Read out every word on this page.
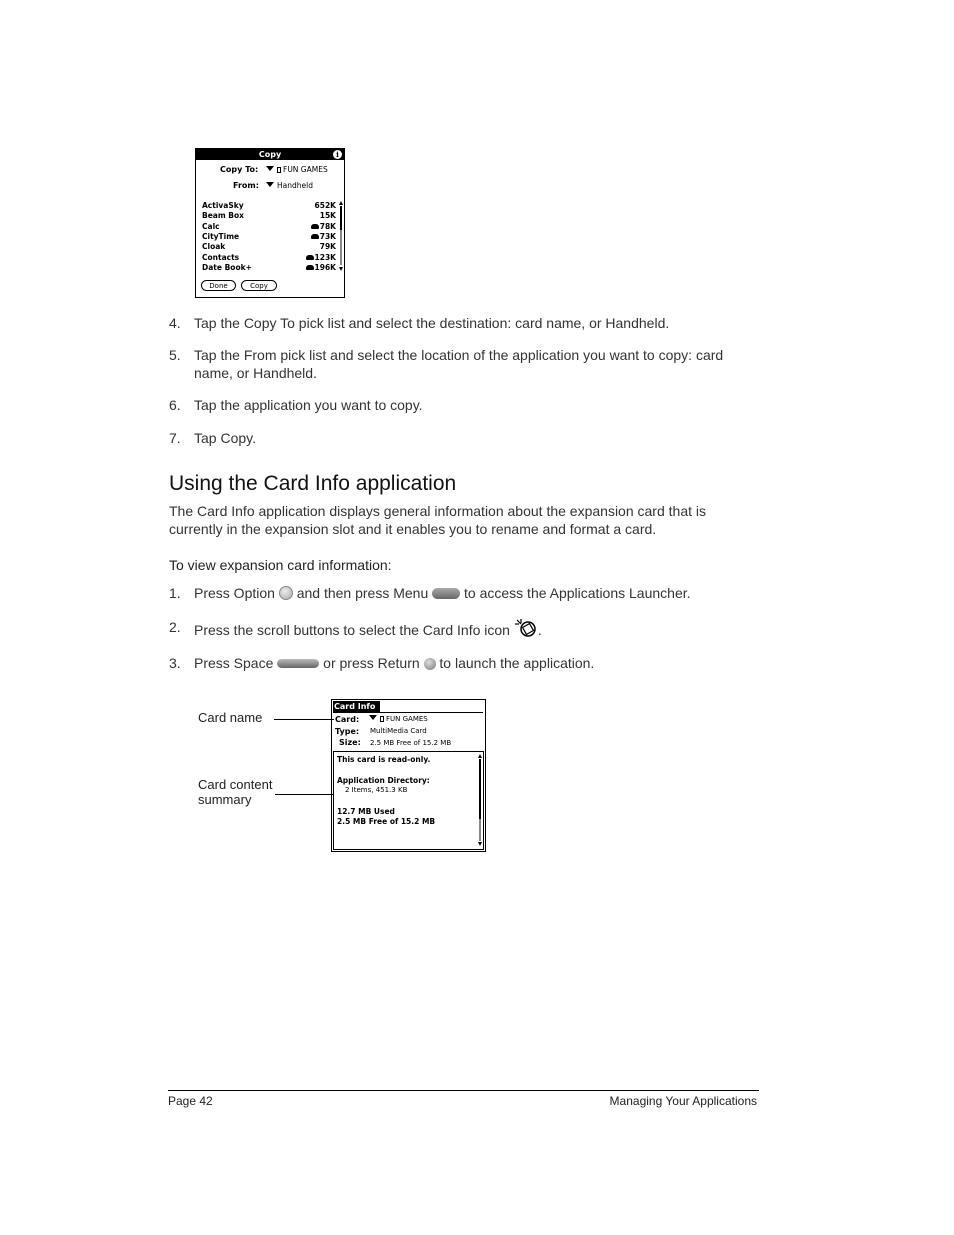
Copy	i
Copy To:	FUN GAMES
From:	Handheld
ActivaSky	652K
Beam Box	15K
Calc	78K
CityTime	73K
Cloak	79K
Contacts	123K
Date Book+	196K
Done	Copy
4. Tap the Copy To pick list and select the destination: card name, or Handheld.
5. Tap the From pick list and select the location of the application you want to copy: card name, or Handheld.
6. Tap the application you want to copy.
7. Tap Copy.
Using the Card Info application

The Card Info application displays general information about the expansion card that is currently in the expansion slot and it enables you to rename and format a card.

To view expansion card information:
1. Press Option and then press Menu	to access the Applications Launcher.
2. Press the scroll buttons to select the Card Info icon .
3. Press Space	or press Return to launch the application.
Card Info
Card:	FUN GAMES
Type: MultiMedia Card
Size: 2.5 MB Free of 15.2 MB
This card is read-only.
Application Directory:
2 Items, 451.3 KB
12.7 MB Used
2.5 MB Free of 15.2 MB
Card name
Card content
summary
Page 42	Managing Your Applications
